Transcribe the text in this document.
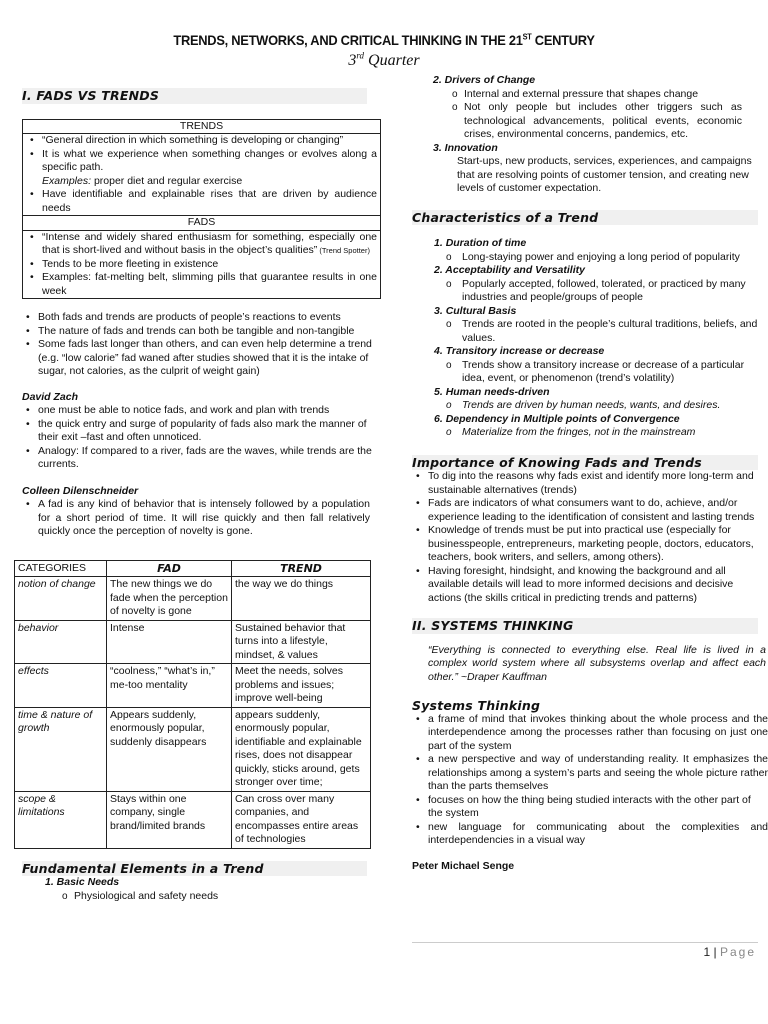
TRENDS, NETWORKS, AND CRITICAL THINKING IN THE 21ST CENTURY
3rd Quarter
I. FADS VS TRENDS
TRENDS

• “General direction in which something is developing or changing”
• It is what we experience when something changes or evolves along a specific path.
Examples: proper diet and regular exercise
• Have identifiable and explainable rises that are driven by audience needs

FADS

• “Intense and widely shared enthusiasm for something, especially one that is short-lived and without basis in the object’s qualities” (Trend Spotter)
• Tends to be more fleeting in existence
• Examples: fat-melting belt, slimming pills that guarantee results in one week
• Both fads and trends are products of people’s reactions to events
• The nature of fads and trends can both be tangible and non-tangible
• Some fads last longer than others, and can even help determine a trend (e.g. “low calorie” fad waned after studies showed that it is the intake of sugar, not calories, as the culprit of weight gain)
David Zach
• one must be able to notice fads, and work and plan with trends
• the quick entry and surge of popularity of fads also mark the manner of their exit –fast and often unnoticed.
• Analogy: If compared to a river, fads are the waves, while trends are the currents.
Colleen Dilenschneider
• A fad is any kind of behavior that is intensely followed by a population for a short period of time. It will rise quickly and then fall relatively quickly once the perception of novelty is gone.
CATEGORIES	FAD	TREND
notion of change	The new things we do fade when the perception of novelty is gone	the way we do things
behavior	Intense	Sustained behavior that turns into a lifestyle, mindset, & values
effects	“coolness,” “what’s in,” me-too mentality	Meet the needs, solves problems and issues; improve well-being
time & nature of growth	Appears suddenly, enormously popular, suddenly disappears	appears suddenly, enormously popular, identifiable and explainable rises, does not disappear quickly, sticks around, gets stronger over time;
scope & limitations	Stays within one company, single brand/limited brands	Can cross over many companies, and encompasses entire areas of technologies
Fundamental Elements in a Trend
1. Basic Needs
o Physiological and safety needs
2. Drivers of Change
o Internal and external pressure that shapes change
o Not only people but includes other triggers such as technological advancements, political events, economic crises, environmental concerns, pandemics, etc.
3. Innovation
Start-ups, new products, services, experiences, and campaigns that are resolving points of customer tension, and creating new levels of customer expectation.
Characteristics of a Trend
1. Duration of time
o Long-staying power and enjoying a long period of popularity
2. Acceptability and Versatility
o Popularly accepted, followed, tolerated, or practiced by many industries and people/groups of people
3. Cultural Basis
o Trends are rooted in the people’s cultural traditions, beliefs, and values.
4. Transitory increase or decrease
o Trends show a transitory increase or decrease of a particular idea, event, or phenomenon (trend’s volatility)
5. Human needs-driven
o Trends are driven by human needs, wants, and desires.
6. Dependency in Multiple points of Convergence
o Materialize from the fringes, not in the mainstream
Importance of Knowing Fads and Trends
• To dig into the reasons why fads exist and identify more long-term and sustainable alternatives (trends)
• Fads are indicators of what consumers want to do, achieve, and/or experience leading to the identification of consistent and lasting trends
• Knowledge of trends must be put into practical use (especially for businesspeople, entrepreneurs, marketing people, doctors, educators, teachers, book writers, and sellers, among others).
• Having foresight, hindsight, and knowing the background and all available details will lead to more informed decisions and decisive actions (the skills critical in predicting trends and patterns)
II. SYSTEMS THINKING
“Everything is connected to everything else. Real life is lived in a complex world system where all subsystems overlap and affect each other.” ~Draper Kauffman
Systems Thinking
• a frame of mind that invokes thinking about the whole process and the interdependence among the processes rather than focusing on just one part of the system
• a new perspective and way of understanding reality. It emphasizes the relationships among a system’s parts and seeing the whole picture rather than the parts themselves
• focuses on how the thing being studied interacts with the other part of the system
• new language for communicating about the complexities and interdependencies in a visual way
Peter Michael Senge
1 | Page
